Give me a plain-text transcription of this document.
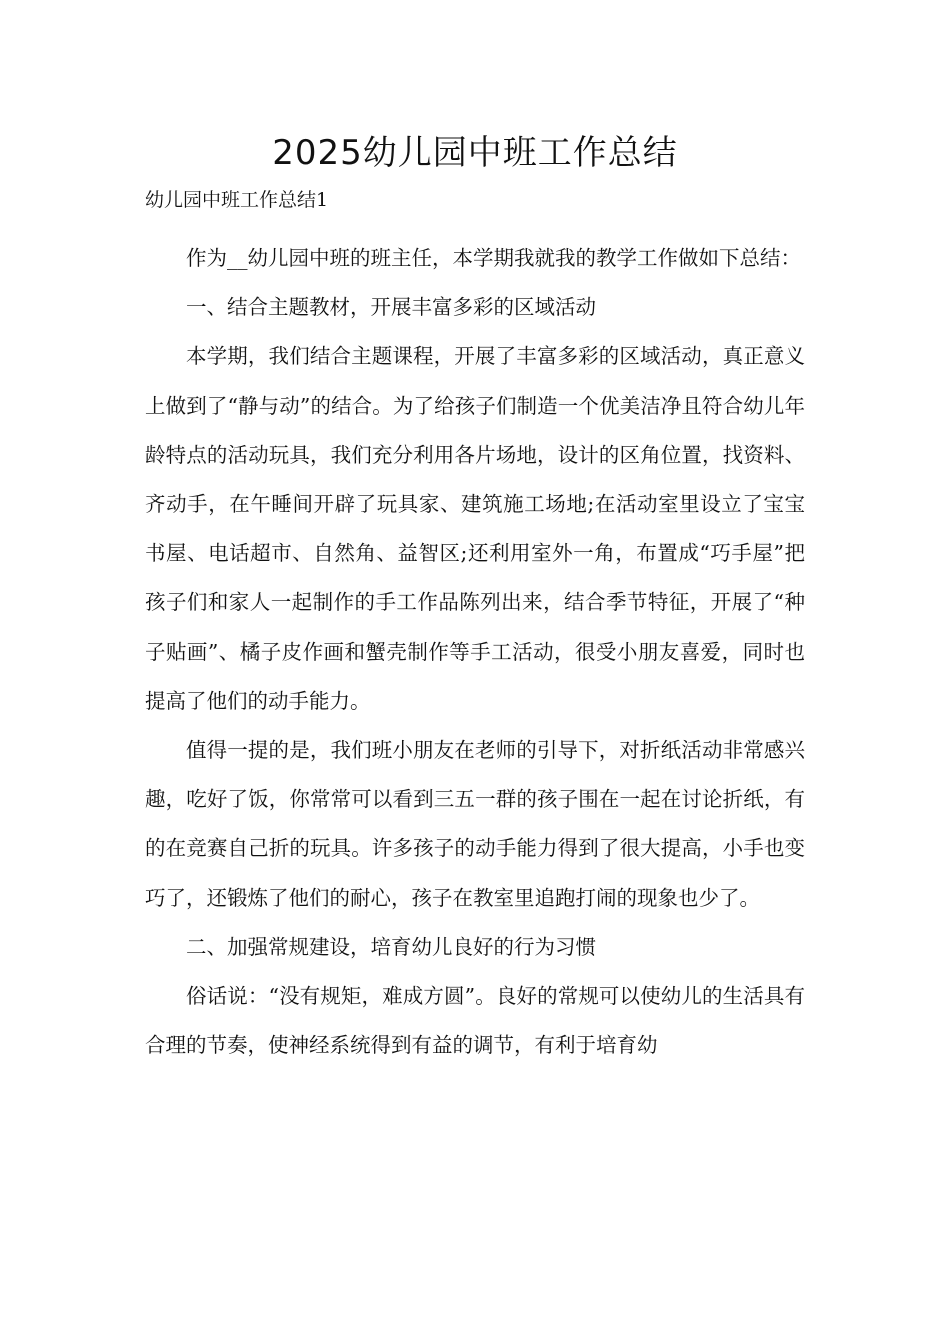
2025幼儿园中班工作总结

幼儿园中班工作总结1

作为__幼儿园中班的班主任，本学期我就我的教学工作做如下总结：

一、结合主题教材，开展丰富多彩的区域活动

本学期，我们结合主题课程，开展了丰富多彩的区域活动，真正意义上做到了“静与动”的结合。为了给孩子们制造一个优美洁净且符合幼儿年龄特点的活动玩具，我们充分利用各片场地，设计的区角位置，找资料、齐动手，在午睡间开辟了玩具家、建筑施工场地;在活动室里设立了宝宝书屋、电话超市、自然角、益智区;还利用室外一角，布置成“巧手屋”把孩子们和家人一起制作的手工作品陈列出来，结合季节特征，开展了“种子贴画”、橘子皮作画和蟹壳制作等手工活动，很受小朋友喜爱，同时也提高了他们的动手能力。

值得一提的是，我们班小朋友在老师的引导下，对折纸活动非常感兴趣，吃好了饭，你常常可以看到三五一群的孩子围在一起在讨论折纸，有的在竞赛自己折的玩具。许多孩子的动手能力得到了很大提高，小手也变巧了，还锻炼了他们的耐心，孩子在教室里追跑打闹的现象也少了。

二、加强常规建设，培育幼儿良好的行为习惯

俗话说：“没有规矩，难成方圆”。良好的常规可以使幼儿的生活具有合理的节奏，使神经系统得到有益的调节，有利于培育幼
